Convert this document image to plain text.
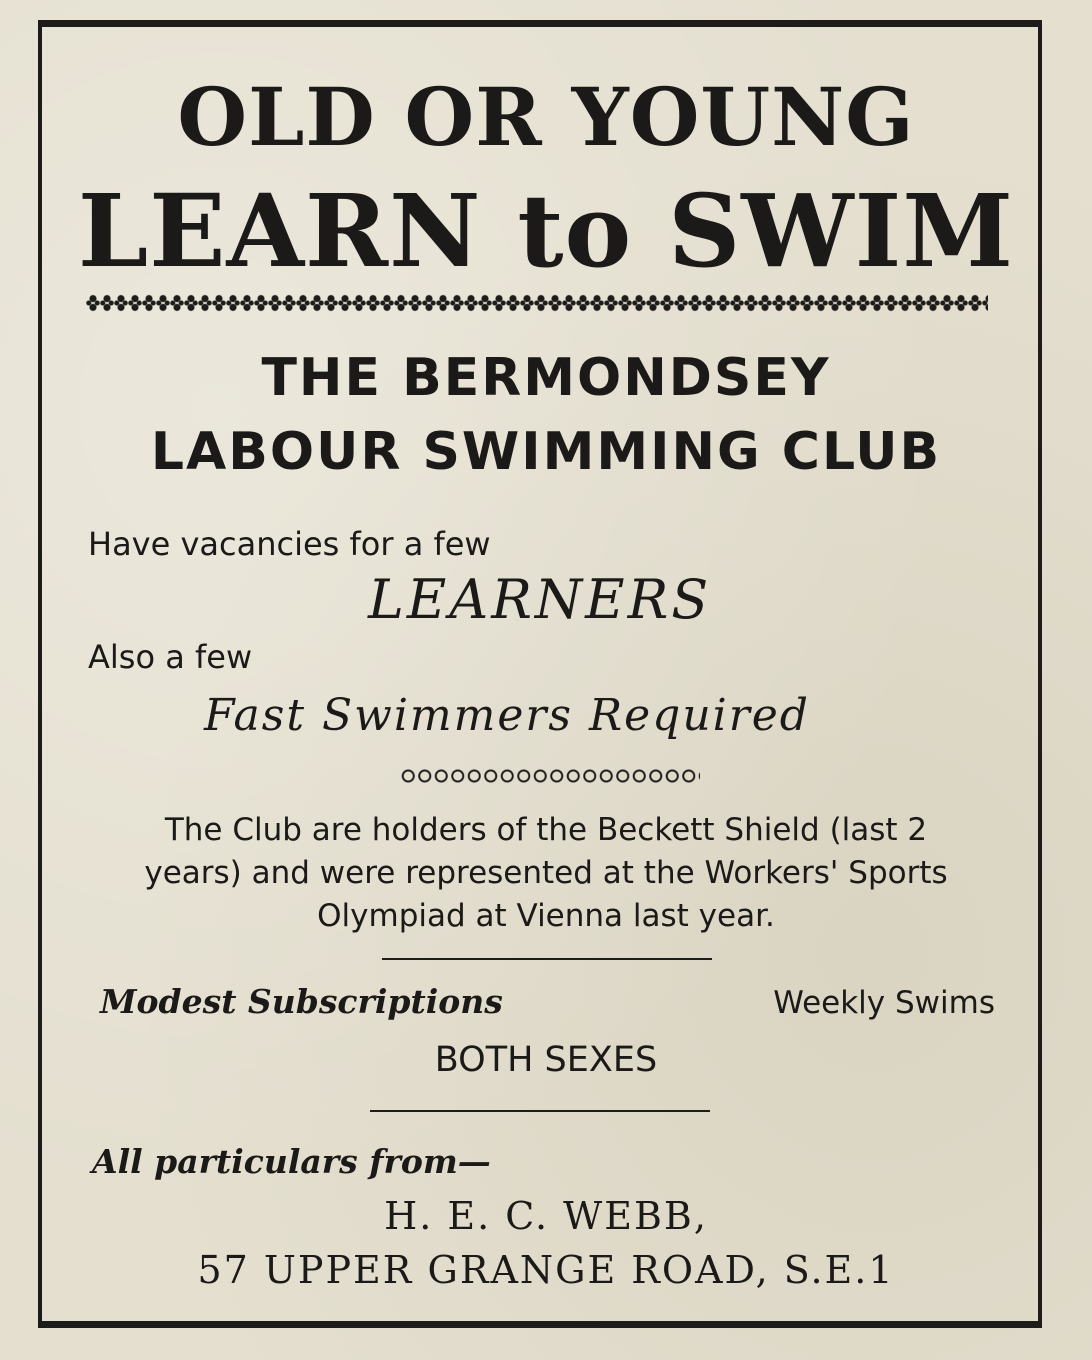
OLD OR YOUNG
LEARN to SWIM
THE BERMONDSEY
LABOUR SWIMMING CLUB
Have vacancies for a few
LEARNERS
Also a few
Fast Swimmers Required
The Club are holders of the Beckett Shield (last 2
years) and were represented at the Workers' Sports
Olympiad at Vienna last year.
Modest Subscriptions	Weekly Swims
BOTH SEXES
All particulars from—
H. E. C. WEBB,
57 UPPER GRANGE ROAD, S.E.1
